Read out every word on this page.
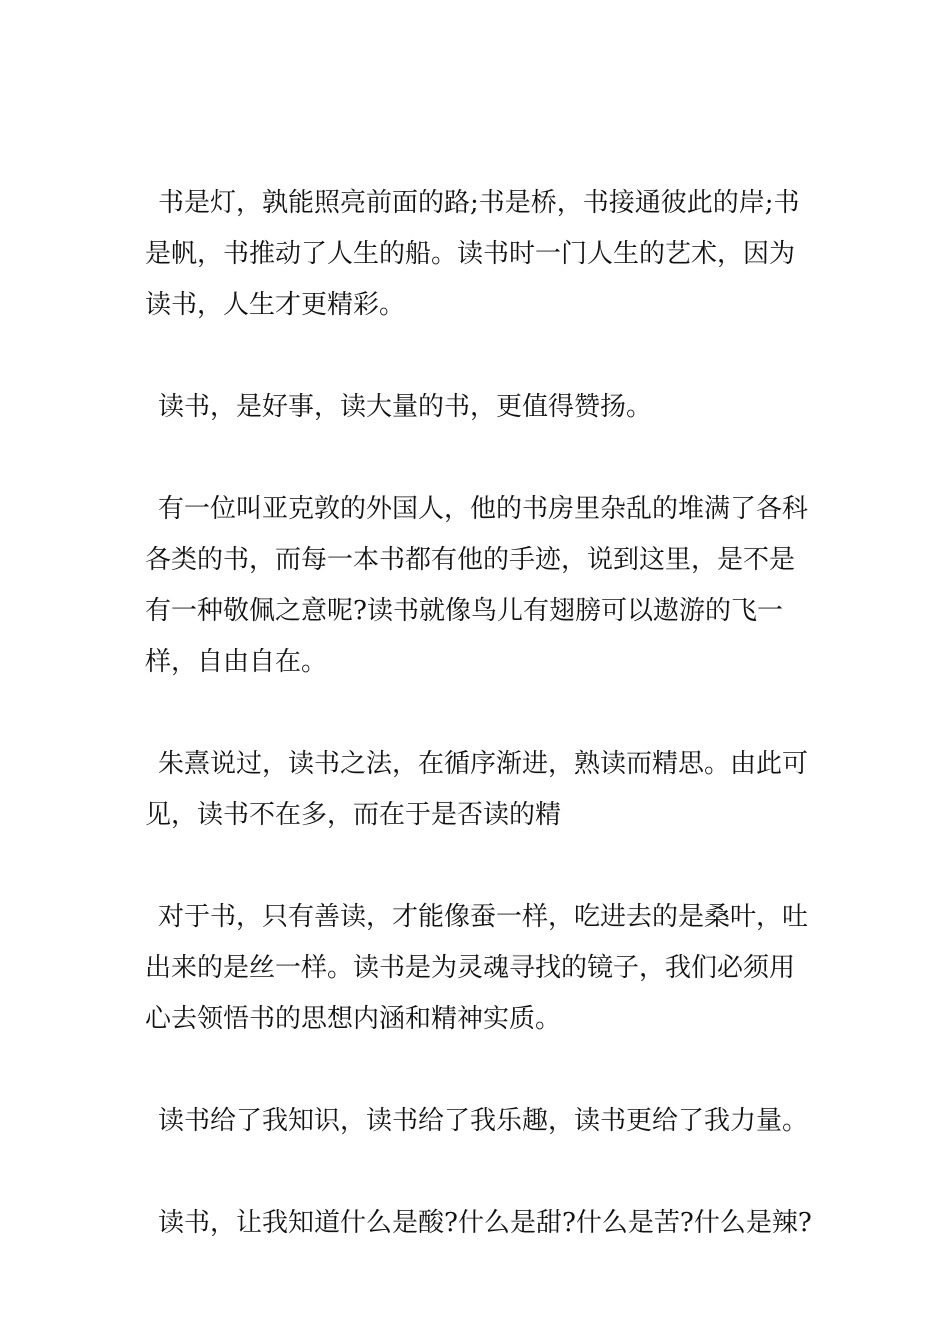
书是灯，孰能照亮前面的路;书是桥，书接通彼此的岸;书是帆，书推动了人生的船。读书时一门人生的艺术，因为读书，人生才更精彩。

读书，是好事，读大量的书，更值得赞扬。

有一位叫亚克敦的外国人，他的书房里杂乱的堆满了各科各类的书，而每一本书都有他的手迹，说到这里，是不是有一种敬佩之意呢?读书就像鸟儿有翅膀可以遨游的飞一样，自由自在。

朱熹说过，读书之法，在循序渐进，熟读而精思。由此可见，读书不在多，而在于是否读的精

对于书，只有善读，才能像蚕一样，吃进去的是桑叶，吐出来的是丝一样。读书是为灵魂寻找的镜子，我们必须用心去领悟书的思想内涵和精神实质。

读书给了我知识，读书给了我乐趣，读书更给了我力量。

读书，让我知道什么是酸?什么是甜?什么是苦?什么是辣?
